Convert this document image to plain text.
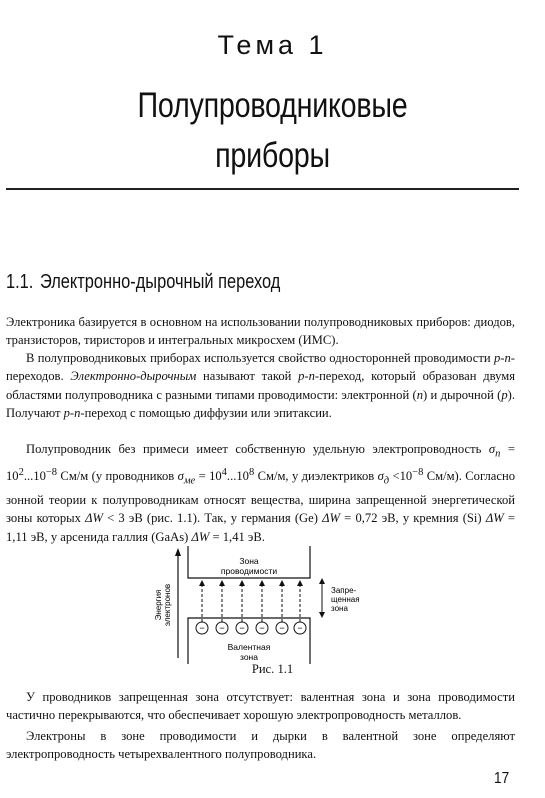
Тема 1
Полупроводниковые
приборы
1.1. Электронно-дырочный переход

Электроника базируется в основном на использовании полупроводниковых приборов: диодов, транзисторов, тиристоров и интегральных микросхем (ИМС).

В полупроводниковых приборах используется свойство односторонней проводимости p-n-переходов. Электронно-дырочным называют такой p-n-переход, который образован двумя областями полупроводника с разными типами проводимости: электронной (n) и дырочной (p). Получают p-n-переход с помощью диффузии или эпитаксии.

Полупроводник без примеси имеет собственную удельную электропроводность $\sigma_п = 10^2...10^{-8}$ См/м (у проводников $\sigma_{ме} = 10^4...10^8$ См/м, у диэлектриков $\sigma_д <10^{-8}$ См/м). Согласно зонной теории к полупроводникам относят вещества, ширина запрещенной энергетической зоны которых ΔW < 3 эВ (рис. 1.1). Так, у германия (Ge) ΔW = 0,72 эВ, у кремния (Si) ΔW = 1,11 эВ, у арсенида галлия (GaAs) ΔW = 1,41 эВ.

Зона
проводимости
Валентная
зона
− − − − − −
Энергия электронов	Запре-
щенная
зона
Рис. 1.1

У проводников запрещенная зона отсутствует: валентная зона и зона проводимости частично перекрываются, что обеспечивает хорошую электропроводность металлов.

Электроны в зоне проводимости и дырки в валентной зоне определяют электропроводность четырехвалентного полупроводника.

17
